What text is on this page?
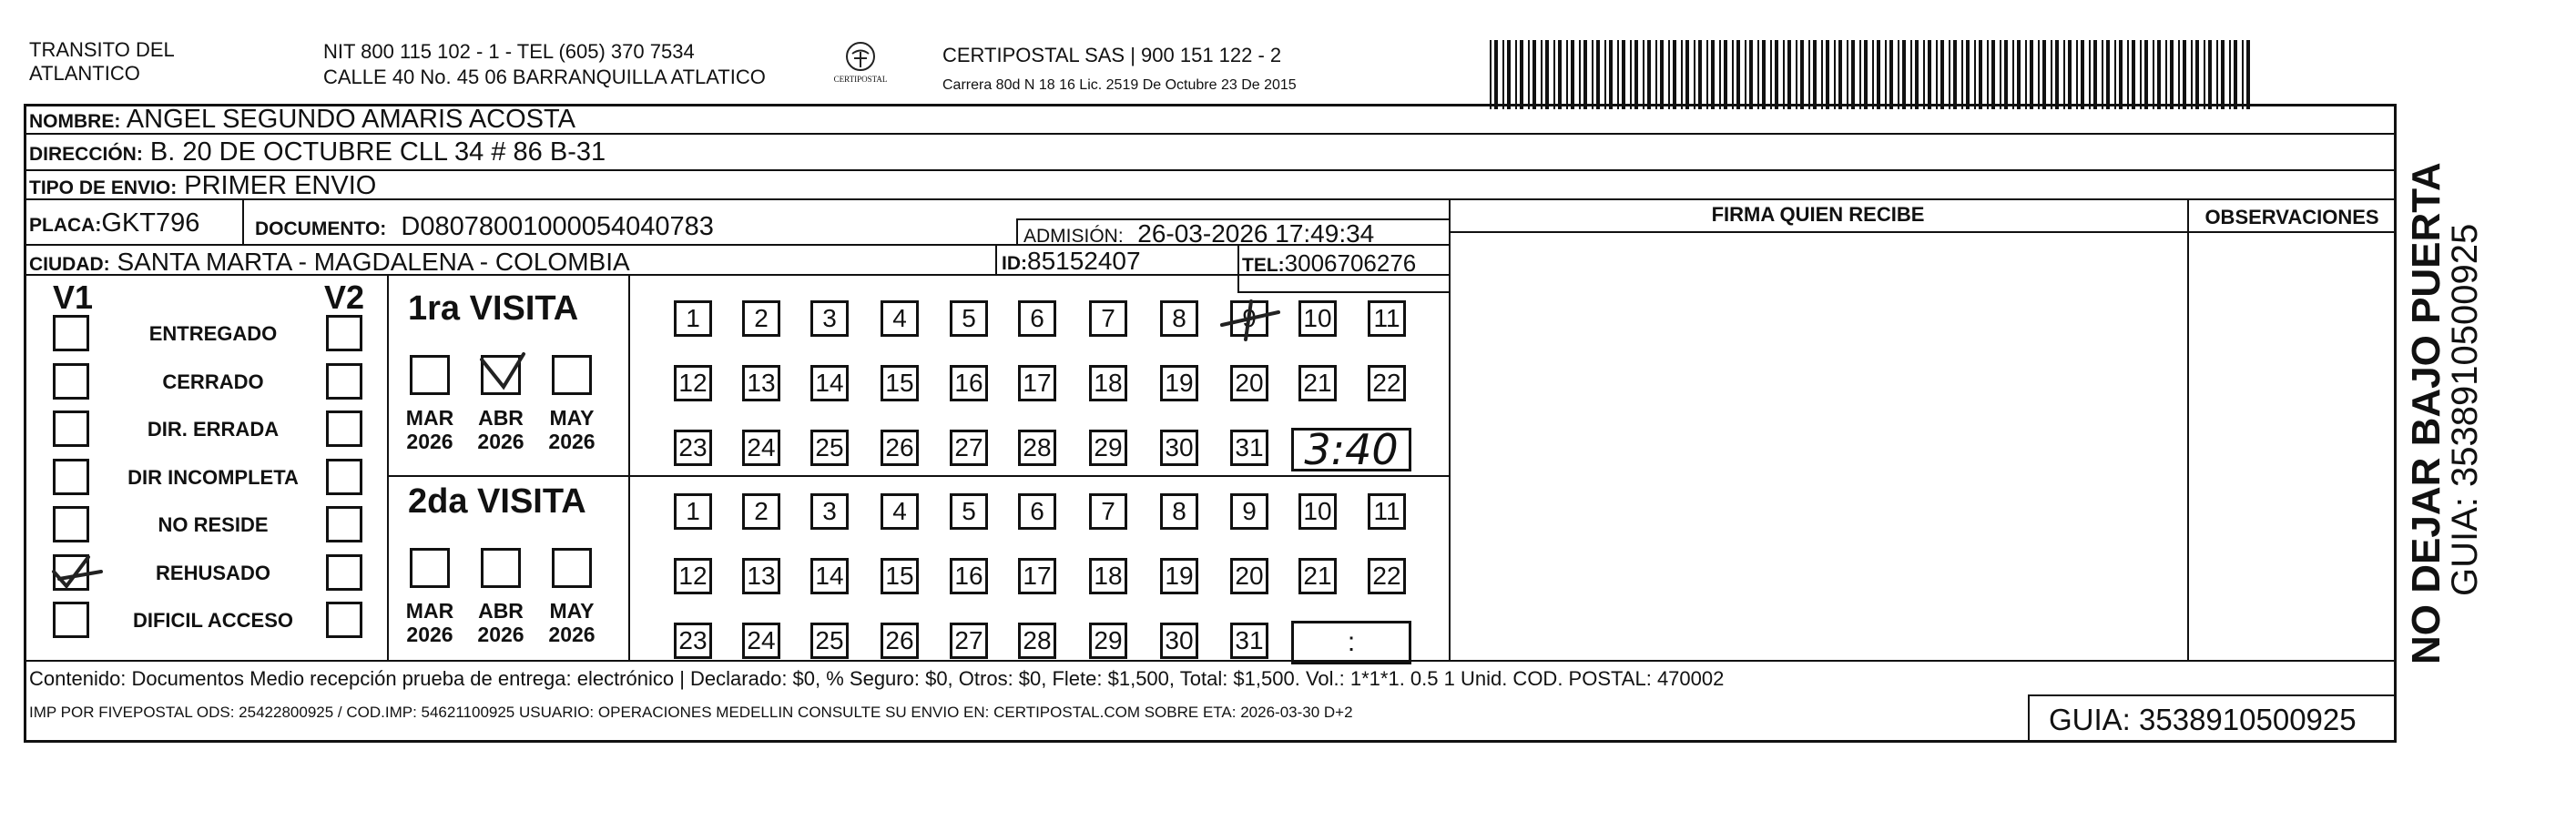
TRANSITO DEL
ATLANTICO
NIT 800 115 102 - 1 - TEL (605) 370 7534
CALLE 40 No. 45 06 BARRANQUILLA ATLATICO	CERTIPOSTAL
CERTIPOSTAL SAS | 900 151 122 - 2
Carrera 80d N 18 16 Lic. 2519 De Octubre 23 De 2015
NOMBRE: ANGEL SEGUNDO AMARIS ACOSTA
DIRECCIÓN: B. 20 DE OCTUBRE CLL 34 # 86 B-31
TIPO DE ENVIO: PRIMER ENVIO
PLACA:GKT796	DOCUMENTO: D08078001000054040783	ADMISIÓN: 26-03-2026 17:49:34
CIUDAD: SANTA MARTA - MAGDALENA - COLOMBIA	ID:85152407	TEL:3006706276
FIRMA QUIEN RECIBE	OBSERVACIONES
V1	V2
ENTREGADO
CERRADO
DIR. ERRADA
DIR INCOMPLETA
NO RESIDE
REHUSADO
DIFICIL ACCESO
1ra VISITA
2da VISITA
MAR
2026
ABR
2026
MAY
2026
1	2	3	4	5	6	7	8	9	10 11
12 13 14 15 16 17 18 19 20 21 22
23 24 25 26 27 28 29 30 31 3:40
MAR
2026
ABR
2026
MAY
2026
1	2	3	4	5	6	7	8	9	10 11
12 13 14 15 16 17 18 19 20 21 22
23 24 25 26 27 28 29 30 31	:
Contenido: Documentos Medio recepción prueba de entrega: electrónico | Declarado: $0, % Seguro: $0, Otros: $0, Flete: $1,500, Total: $1,500. Vol.: 1*1*1. 0.5 1 Unid. COD. POSTAL: 470002
IMP POR FIVEPOSTAL ODS: 25422800925 / COD.IMP: 54621100925 USUARIO: OPERACIONES MEDELLIN CONSULTE SU ENVIO EN: CERTIPOSTAL.COM SOBRE ETA: 2026-03-30 D+2	GUIA: 3538910500925
NO DEJAR BAJO PUERTA
GUIA: 3538910500925
